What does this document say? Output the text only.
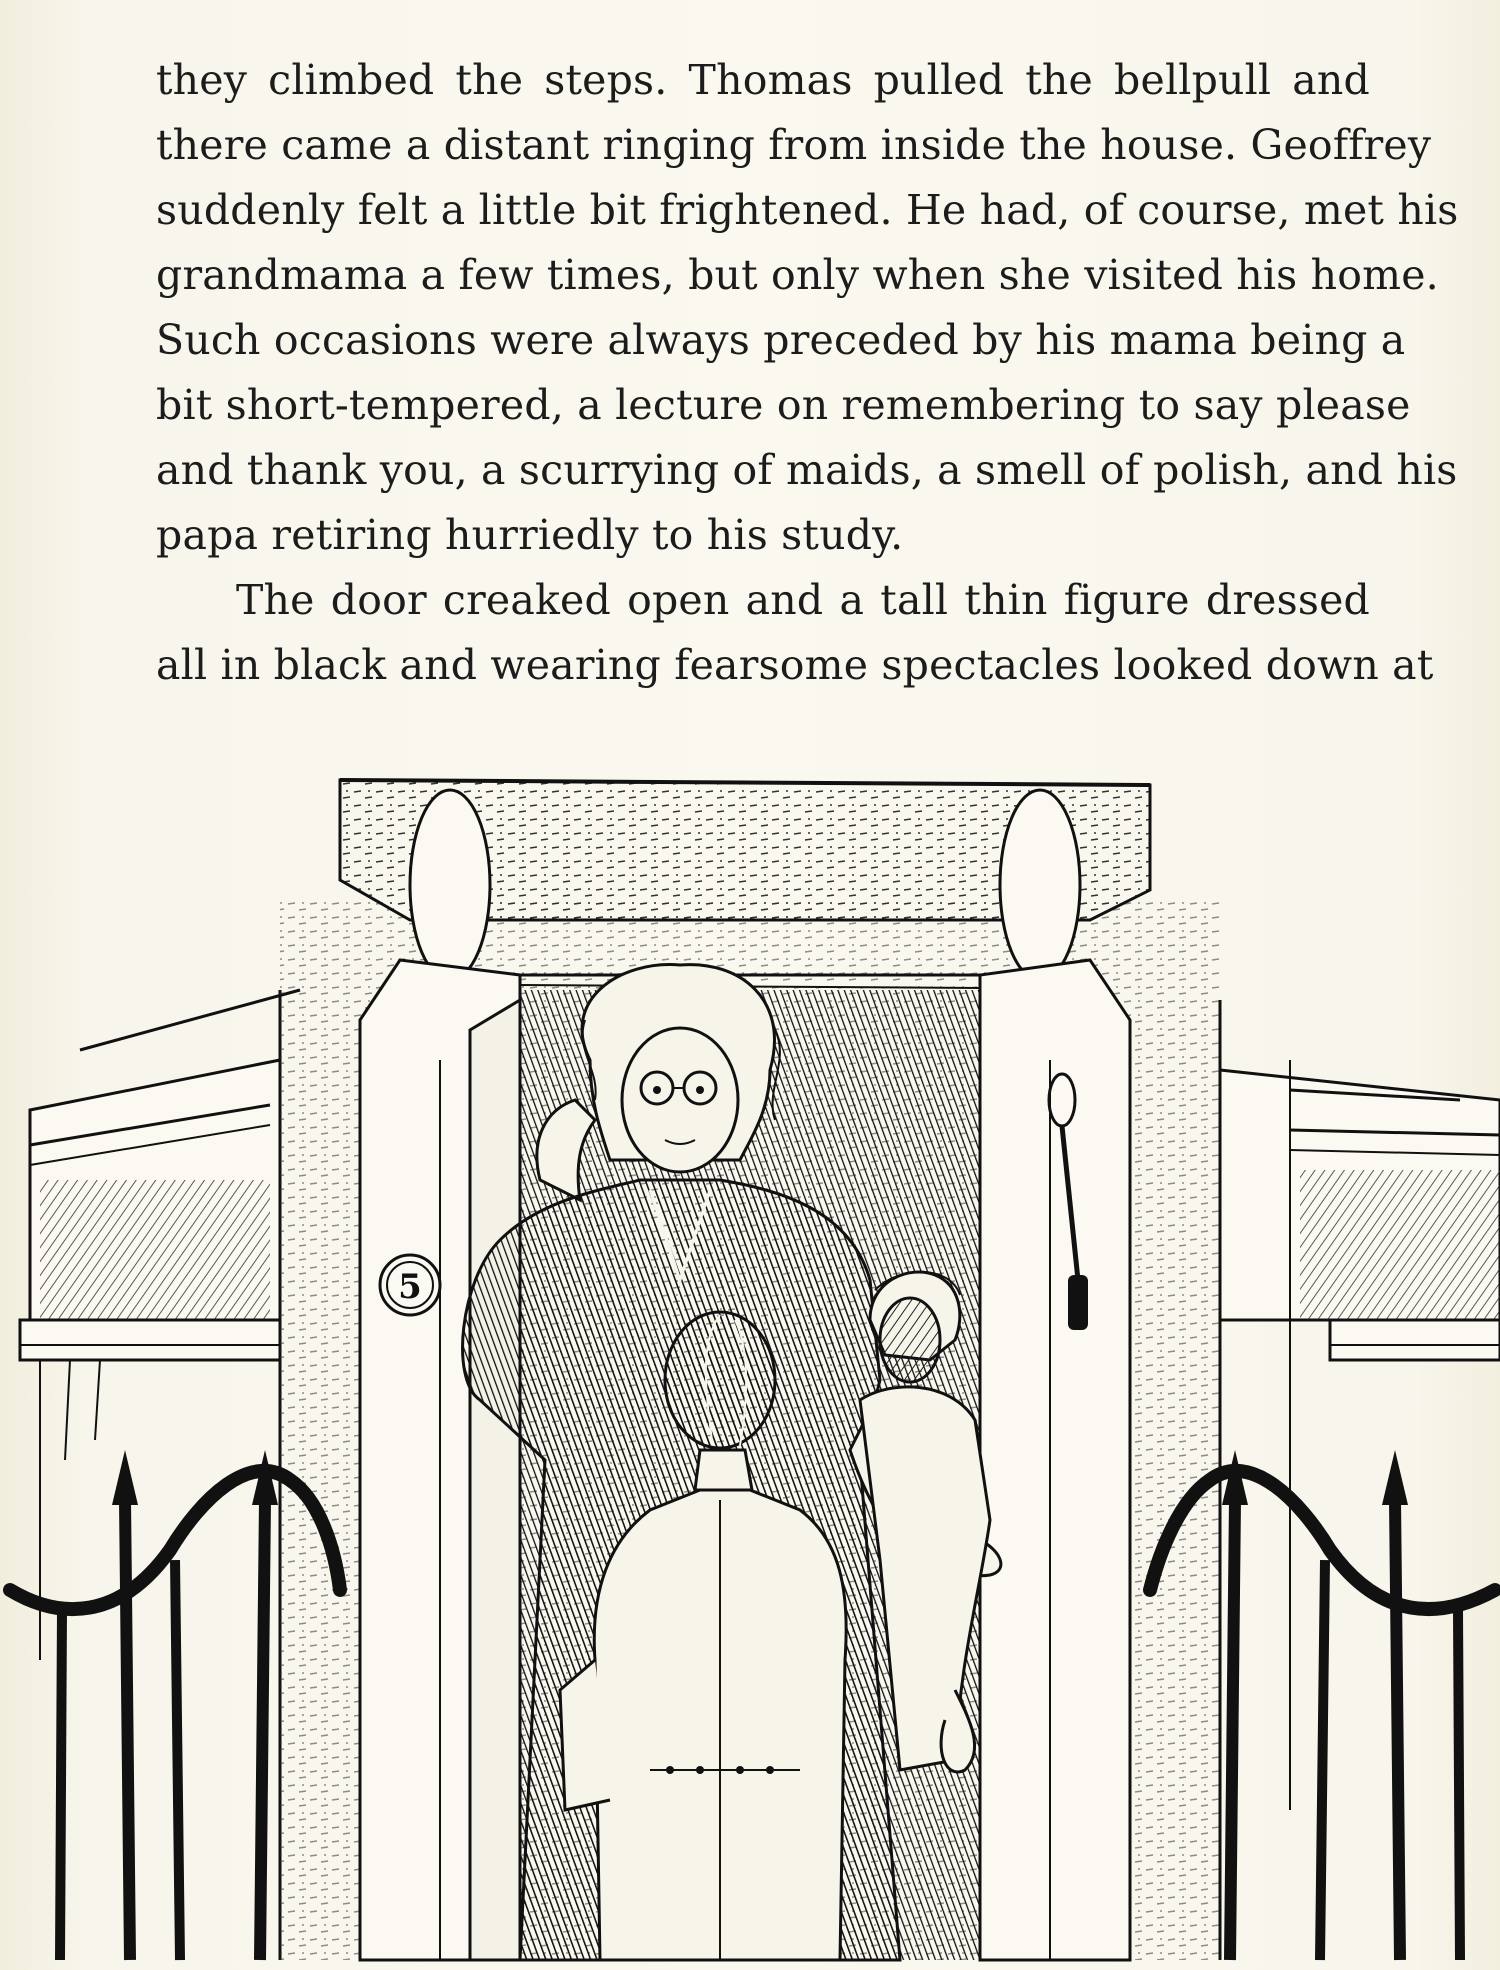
they climbed the steps. Thomas pulled the bellpull and
there came a distant ringing from inside the house. Geoffrey
suddenly felt a little bit frightened. He had, of course, met his
grandmama a few times, but only when she visited his home.
Such occasions were always preceded by his mama being a
bit short-tempered, a lecture on remembering to say please
and thank you, a scurrying of maids, a smell of polish, and his
papa retiring hurriedly to his study.
The door creaked open and a tall thin figure dressed
all in black and wearing fearsome spectacles looked down at
5
